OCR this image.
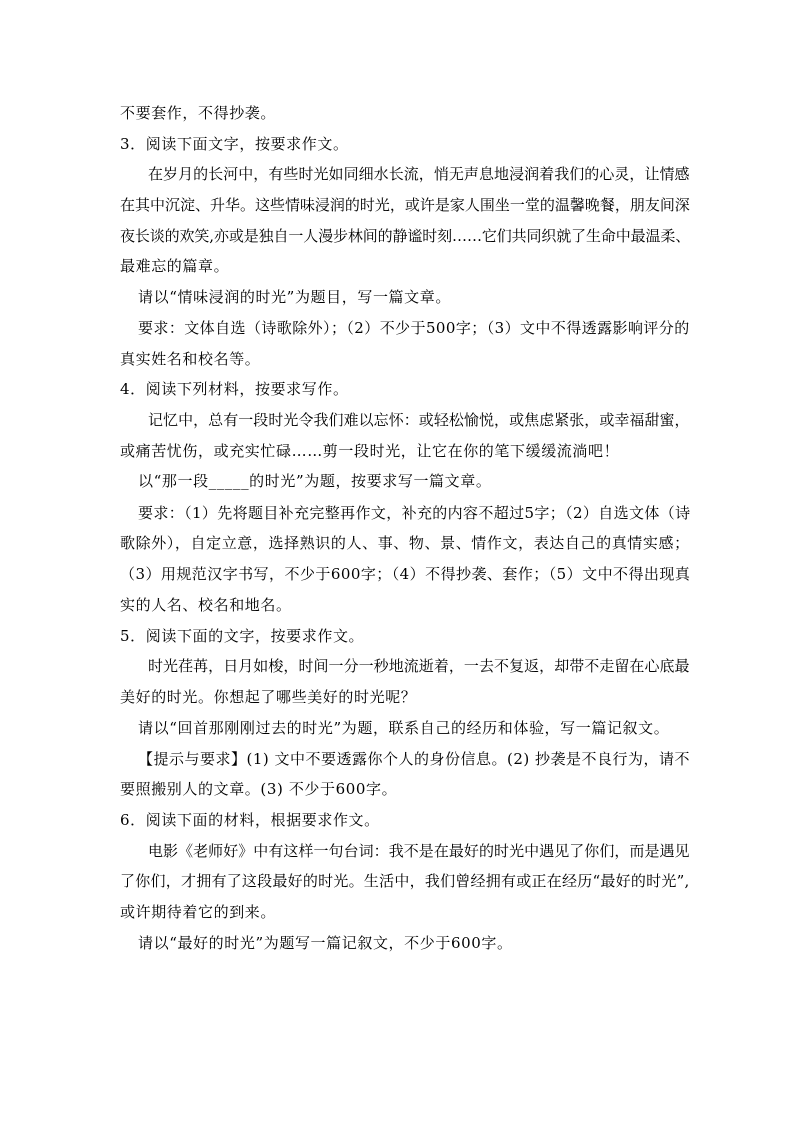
不要套作，不得抄袭。
3．阅读下面文字，按要求作文。
在岁月的长河中，有些时光如同细水长流，悄无声息地浸润着我们的心灵，让情感
在其中沉淀、升华。这些情味浸润的时光，或许是家人围坐一堂的温馨晚餐，朋友间深
夜长谈的欢笑,亦或是独自一人漫步林间的静谧时刻……它们共同织就了生命中最温柔、
最难忘的篇章。
请以“情味浸润的时光”为题目，写一篇文章。
要求：文体自选（诗歌除外）；（2）不少于500字；（3）文中不得透露影响评分的
真实姓名和校名等。
4．阅读下列材料，按要求写作。
记忆中，总有一段时光令我们难以忘怀：或轻松愉悦，或焦虑紧张，或幸福甜蜜，
或痛苦忧伤，或充实忙碌……剪一段时光，让它在你的笔下缓缓流淌吧！
以“那一段_____的时光”为题，按要求写一篇文章。
要求：（1）先将题目补充完整再作文，补充的内容不超过5字；（2）自选文体（诗
歌除外），自定立意，选择熟识的人、事、物、景、情作文，表达自己的真情实感；
（3）用规范汉字书写，不少于600字；（4）不得抄袭、套作；（5）文中不得出现真
实的人名、校名和地名。
5．阅读下面的文字，按要求作文。
时光荏苒，日月如梭，时间一分一秒地流逝着，一去不复返，却带不走留在心底最
美好的时光。你想起了哪些美好的时光呢？
请以“回首那刚刚过去的时光”为题，联系自己的经历和体验，写一篇记叙文。
【提示与要求】(1) 文中不要透露你个人的身份信息。(2) 抄袭是不良行为，请不
要照搬别人的文章。(3) 不少于600字。
6．阅读下面的材料，根据要求作文。
电影《老师好》中有这样一句台词：我不是在最好的时光中遇见了你们，而是遇见
了你们，才拥有了这段最好的时光。生活中，我们曾经拥有或正在经历“最好的时光”,
或许期待着它的到来。
请以“最好的时光”为题写一篇记叙文，不少于600字。
